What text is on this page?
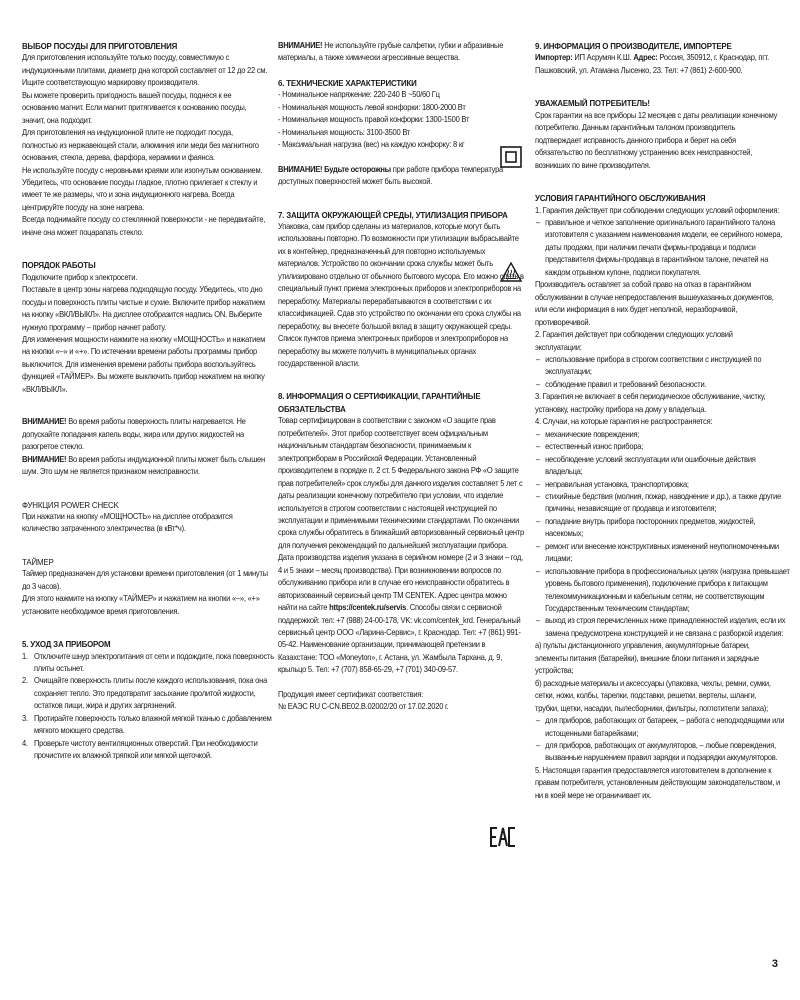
ВЫБОР ПОСУДЫ ДЛЯ ПРИГОТОВЛЕНИЯ

Для приготовления используйте только посуду, совместимую с индукционными плитами, диаметр дна которой составляет от 12 до 22 см. Ищите соответствующую маркировку производителя.

Вы можете проверить пригодность вашей посуды, поднеся к ее основанию магнит. Если магнит притягивается к основанию посуды, значит, она подходит.

Для приготовления на индукционной плите не подходит посуда, полностью из нержавеющей стали, алюминия или меди без магнитного основания, стекла, дерева, фарфора, керамики и фаянса.

Не используйте посуду с неровными краями или изогнутым основанием. Убедитесь, что основание посуды гладкое, плотно прилегает к стеклу и имеет те же размеры, что и зона индукционного нагрева. Всегда центрируйте посуду на зоне нагрева.

Всегда поднимайте посуду со стеклянной поверхности - не передвигайте, иначе она может поцарапать стекло.

ПОРЯДОК РАБОТЫ

Подключите прибор к электросети.

Поставьте в центр зоны нагрева подходящую посуду. Убедитесь, что дно посуды и поверхность плиты чистые и сухие. Включите прибор нажатием на кнопку «ВКЛ/ВЫКЛ». На дисплее отобразится надпись ON. Выберите нужную программу – прибор начнет работу.

Для изменения мощности нажмите на кнопку «МОЩНОСТЬ» и нажатием на кнопки «–» и «+». По истечении времени работы программы прибор выключится. Для изменения времени работы прибора воспользуйтесь функцией «ТАЙМЕР». Вы можете выключить прибор нажатием на кнопку «ВКЛ/ВЫКЛ».

ВНИМАНИЕ! Во время работы поверхность плиты нагревается. Не допускайте попадания капель воды, жира или других жидкостей на разогретое стекло.

ВНИМАНИЕ! Во время работы индукционной плиты может быть слышен шум. Это шум не является признаком неисправности.

ФУНКЦИЯ POWER CHECK

При нажатии на кнопку «МОЩНОСТЬ» на дисплее отобразится количество затраченного электричества (в кВт*ч).

ТАЙМЕР

Таймер предназначен для установки времени приготовления (от 1 минуты до 3 часов).

Для этого нажмите на кнопку «ТАЙМЕР» и нажатием на кнопки «–», «+» установите необходимое время приготовления.

5. УХОД ЗА ПРИБОРОМ

1. Отключите шнур электропитания от сети и подождите, пока поверхность плиты остынет.
2. Очищайте поверхность плиты после каждого использования, пока она сохраняет тепло. Это предотвратит засыхание пролитой жидкости, остатков пищи, жира и других загрязнений.
3. Протирайте поверхность только влажной мягкой тканью с добавлением мягкого моющего средства.
4. Проверьте чистоту вентиляционных отверстий. При необходимости прочистите их влажной тряпкой или мягкой щеточкой.

ВНИМАНИЕ! Не используйте грубые салфетки, губки и абразивные материалы, а также химически агрессивные вещества.

6. ТЕХНИЧЕСКИЕ ХАРАКТЕРИСТИКИ

- Номинальное напряжение: 220-240 В ~50/60 Гц

- Номинальная мощность левой конфорки: 1800-2000 Вт

- Номинальная мощность правой конфорки: 1300-1500 Вт

- Номинальная мощность: 3100-3500 Вт

- Максимальная нагрузка (вес) на каждую конфорку: 8 кг

ВНИМАНИЕ! Будьте осторожны при работе прибора температура доступных поверхностей может быть высокой.

7. ЗАЩИТА ОКРУЖАЮЩЕЙ СРЕДЫ, УТИЛИЗАЦИЯ ПРИБОРА

Упаковка, сам прибор сделаны из материалов, которые могут быть использованы повторно. По возможности при утилизации выбрасывайте их в контейнер, предназначенный для повторно используемых материалов. Устройство по окончании срока службы может быть утилизировано отдельно от обычного бытового мусора. Его можно сдать в специальный пункт приема электронных приборов и электроприборов на переработку. Материалы перерабатываются в соответствии с их классификацией. Сдав это устройство по окончании его срока службы на переработку, вы внесете большой вклад в защиту окружающей среды. Список пунктов приема электронных приборов и электроприборов на переработку вы можете получить в муниципальных органах государственной власти.

8. ИНФОРМАЦИЯ О СЕРТИФИКАЦИИ, ГАРАНТИЙНЫЕ ОБЯЗАТЕЛЬСТВА

Товар сертифицирован в соответствии с законом «О защите прав потребителей». Этот прибор соответствует всем официальным национальным стандартам безопасности, принимаемым к электроприборам в Российской Федерации. Установленный производителем в порядке п. 2 ст. 5 Федерального закона РФ «О защите прав потребителей» срок службы для данного изделия составляет 5 лет с даты реализации конечному потребителю при условии, что изделие используется в строгом соответствии с настоящей инструкцией по эксплуатации и применимыми техническими стандартами. По окончании срока службы обратитесь в ближайший авторизованный сервисный центр для получения рекомендаций по дальнейшей эксплуатации прибора. Дата производства изделия указана в серийном номере (2 и 3 знаки – год, 4 и 5 знаки – месяц производства). При возникновении вопросов по обслуживанию прибора или в случае его неисправности обратитесь в авторизованный сервисный центр ТМ CENTEK. Адрес центра можно найти на сайте https://centek.ru/servis. Способы связи с сервисной поддержкой: тел: +7 (988) 24-00-178, VK: vk.com/centek_krd. Генеральный сервисный центр ООО «Ларина-Сервис», г. Краснодар. Тел: +7 (861) 991-05-42. Наименование организации, принимающей претензии в Казахстане: ТОО «Moneyton», г. Астана, ул. Жамбыла Тархана, д. 9, крыльцо 5. Тел: +7 (707) 858-65-29, +7 (701) 340-09-57.

Продукция имеет сертификат соответствия:

№ ЕАЭС RU C-CN.ВЕ02.В.02002/20 от 17.02.2020 г.

9. ИНФОРМАЦИЯ О ПРОИЗВОДИТЕЛЕ, ИМПОРТЕРЕ

Импортер: ИП Асрумян К.Ш. Адрес: Россия, 350912, г. Краснодар, пгт. Пашковский, ул. Атамана Лысенко, 23. Тел: +7 (861) 2-600-900.

УВАЖАЕМЫЙ ПОТРЕБИТЕЛЬ!

Срок гарантии на все приборы 12 месяцев с даты реализации конечному потребителю. Данным гарантийным талоном производитель подтверждает исправность данного прибора и берет на себя обязательство по бесплатному устранению всех неисправностей, возникших по вине производителя.

УСЛОВИЯ ГАРАНТИЙНОГО ОБСЛУЖИВАНИЯ

1. Гарантия действует при соблюдении следующих условий оформления:

– правильное и четкое заполнение оригинального гарантийного талона изготовителя с указанием наименования модели, ее серийного номера, даты продажи, при наличии печати фирмы-продавца и подписи представителя фирмы-продавца в гарантийном талоне, печатей на каждом отрывном купоне, подписи покупателя.

Производитель оставляет за собой право на отказ в гарантийном обслуживании в случае непредоставления вышеуказанных документов, или если информация в них будет неполной, неразборчивой, противоречивой.

2. Гарантия действует при соблюдении следующих условий эксплуатации:

– использование прибора в строгом соответствии с инструкцией по эксплуатации;
– соблюдение правил и требований безопасности.

3. Гарантия не включает в себя периодическое обслуживание, чистку, установку, настройку прибора на дому у владельца.

4. Случаи, на которые гарантия не распространяется:

– механические повреждения;
– естественный износ прибора;
– несоблюдение условий эксплуатации или ошибочные действия владельца;
– неправильная установка, транспортировка;
– стихийные бедствия (молния, пожар, наводнение и др.), а также другие причины, независящие от продавца и изготовителя;
– попадание внутрь прибора посторонних предметов, жидкостей, насекомых;
– ремонт или внесение конструктивных изменений неуполномоченными лицами;
– использование прибора в профессиональных целях (нагрузка превышает уровень бытового применения), подключение прибора к питающим телекоммуникационным и кабельным сетям, не соответствующим Государственным техническим стандартам;
– выход из строя перечисленных ниже принадлежностей изделия, если их замена предусмотрена конструкцией и не связана с разборкой изделия:

а) пульты дистанционного управления, аккумуляторные батареи, элементы питания (батарейки), внешние блоки питания и зарядные устройства;

б) расходные материалы и аксессуары (упаковка, чехлы, ремни, сумки, сетки, ножи, колбы, тарелки, подставки, решетки, вертелы, шланги, трубки, щетки, насадки, пылесборники, фильтры, поглотители запаха);

– для приборов, работающих от батареек, – работа с неподходящими или истощенными батарейками;
– для приборов, работающих от аккумуляторов, – любые повреждения, вызванные нарушением правил зарядки и подзарядки аккумуляторов.

5. Настоящая гарантия предоставляется изготовителем в дополнение к правам потребителя, установленным действующим законодательством, и ни в коей мере не ограничивает их.

3
